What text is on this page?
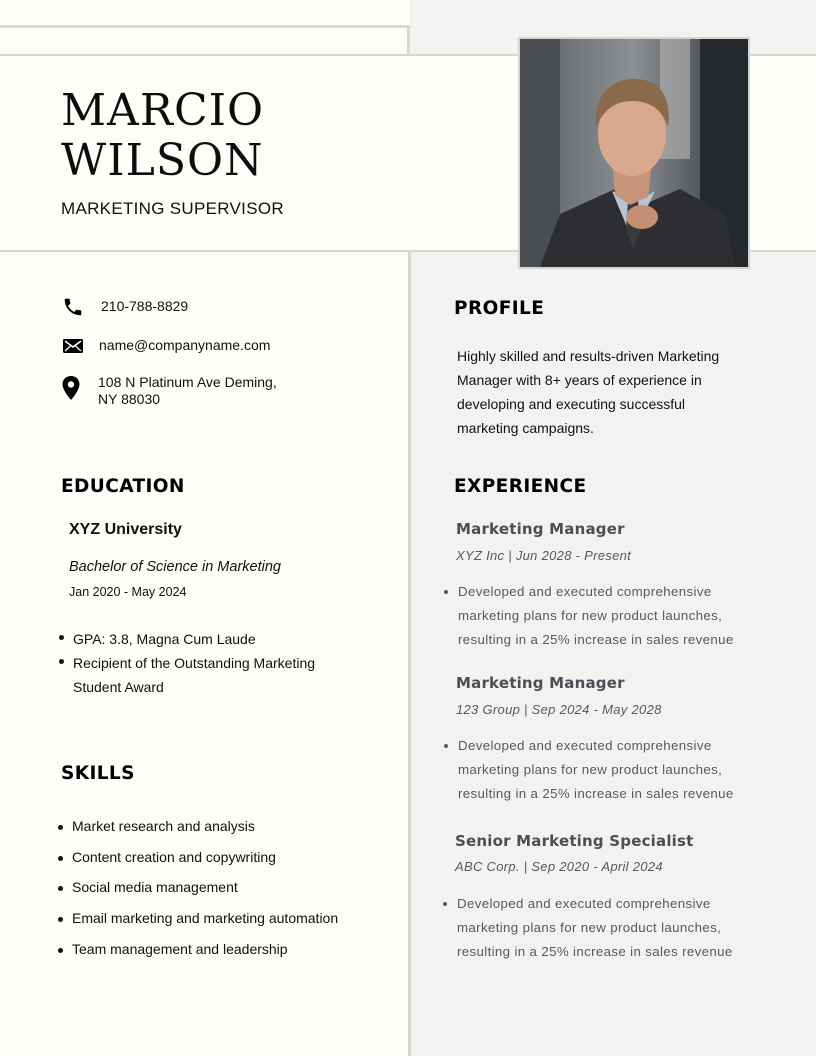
MARCIO
WILSON
MARKETING SUPERVISOR
210-788-8829
name@companyname.com
108 N Platinum Ave Deming,
NY 88030
EDUCATION
XYZ University
Bachelor of Science in Marketing
Jan 2020 - May 2024
GPA: 3.8, Magna Cum Laude
Recipient of the Outstanding Marketing Student Award
SKILLS
Market research and analysis
Content creation and copywriting
Social media management
Email marketing and marketing automation
Team management and leadership
PROFILE
Highly skilled and results-driven Marketing Manager with 8+ years of experience in developing and executing successful marketing campaigns.
EXPERIENCE
Marketing Manager
XYZ Inc | Jun 2028 - Present
Developed and executed comprehensive marketing plans for new product launches, resulting in a 25% increase in sales revenue
Marketing Manager
123 Group | Sep 2024 - May 2028
Developed and executed comprehensive marketing plans for new product launches, resulting in a 25% increase in sales revenue
Senior Marketing Specialist
ABC Corp. | Sep 2020 - April 2024
Developed and executed comprehensive marketing plans for new product launches, resulting in a 25% increase in sales revenue
